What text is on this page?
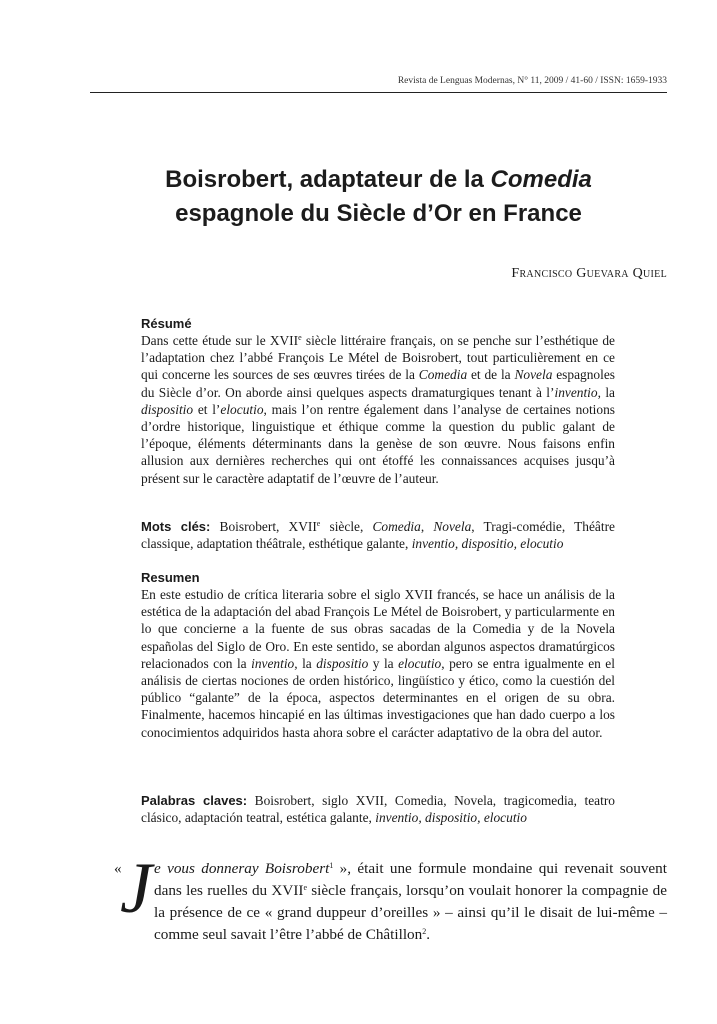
Revista de Lenguas Modernas, N° 11, 2009 / 41-60 / ISSN: 1659-1933
Boisrobert, adaptateur de la Comedia
espagnole du Siècle d’Or en France
Francisco Guevara Quiel
Résumé
Dans cette étude sur le XVIIe siècle littéraire français, on se penche sur l’esthétique de l’adaptation chez l’abbé François Le Métel de Boisrobert, tout particulièrement en ce qui concerne les sources de ses œuvres tirées de la Comedia et de la Novela espagnoles du Siècle d’or. On aborde ainsi quelques aspects dramaturgiques tenant à l’inventio, la dispositio et l’elocutio, mais l’on rentre également dans l’analyse de certaines notions d’ordre historique, linguistique et éthique comme la question du public galant de l’époque, éléments déterminants dans la genèse de son œuvre. Nous faisons enfin allusion aux dernières recherches qui ont étoffé les connaissances acquises jusqu’à présent sur le caractère adaptatif de l’œuvre de l’auteur.
Mots clés: Boisrobert, XVIIe siècle, Comedia, Novela, Tragi-comédie, Théâtre classique, adaptation théâtrale, esthétique galante, inventio, dispositio, elocutio
Resumen
En este estudio de crítica literaria sobre el siglo XVII francés, se hace un análisis de la estética de la adaptación del abad François Le Métel de Boisrobert, y particularmente en lo que concierne a la fuente de sus obras sacadas de la Comedia y de la Novela españolas del Siglo de Oro. En este sentido, se abordan algunos aspectos dramatúrgicos relacionados con la inventio, la dispositio y la elocutio, pero se entra igualmente en el análisis de ciertas nociones de orden histórico, lingüístico y ético, como la cuestión del público “galante” de la época, aspectos determinantes en el origen de su obra. Finalmente, hacemos hincapié en las últimas investigaciones que han dado cuerpo a los conocimientos adquiridos hasta ahora sobre el carácter adaptativo de la obra del autor.
Palabras claves: Boisrobert, siglo XVII, Comedia, Novela, tragicomedia, teatro clásico, adaptación teatral, estética galante, inventio, dispositio, elocutio
J
«	e vous donneray Boisrobert$^1$ », était une formule mondaine qui revenait souvent dans les ruelles du XVIIe siècle français, lorsqu’on voulait honorer la compagnie de la présence de ce « grand duppeur d’oreilles » – ainsi qu’il le disait de lui-même – comme seul savait l’être l’abbé de Châtillon$^2$.
